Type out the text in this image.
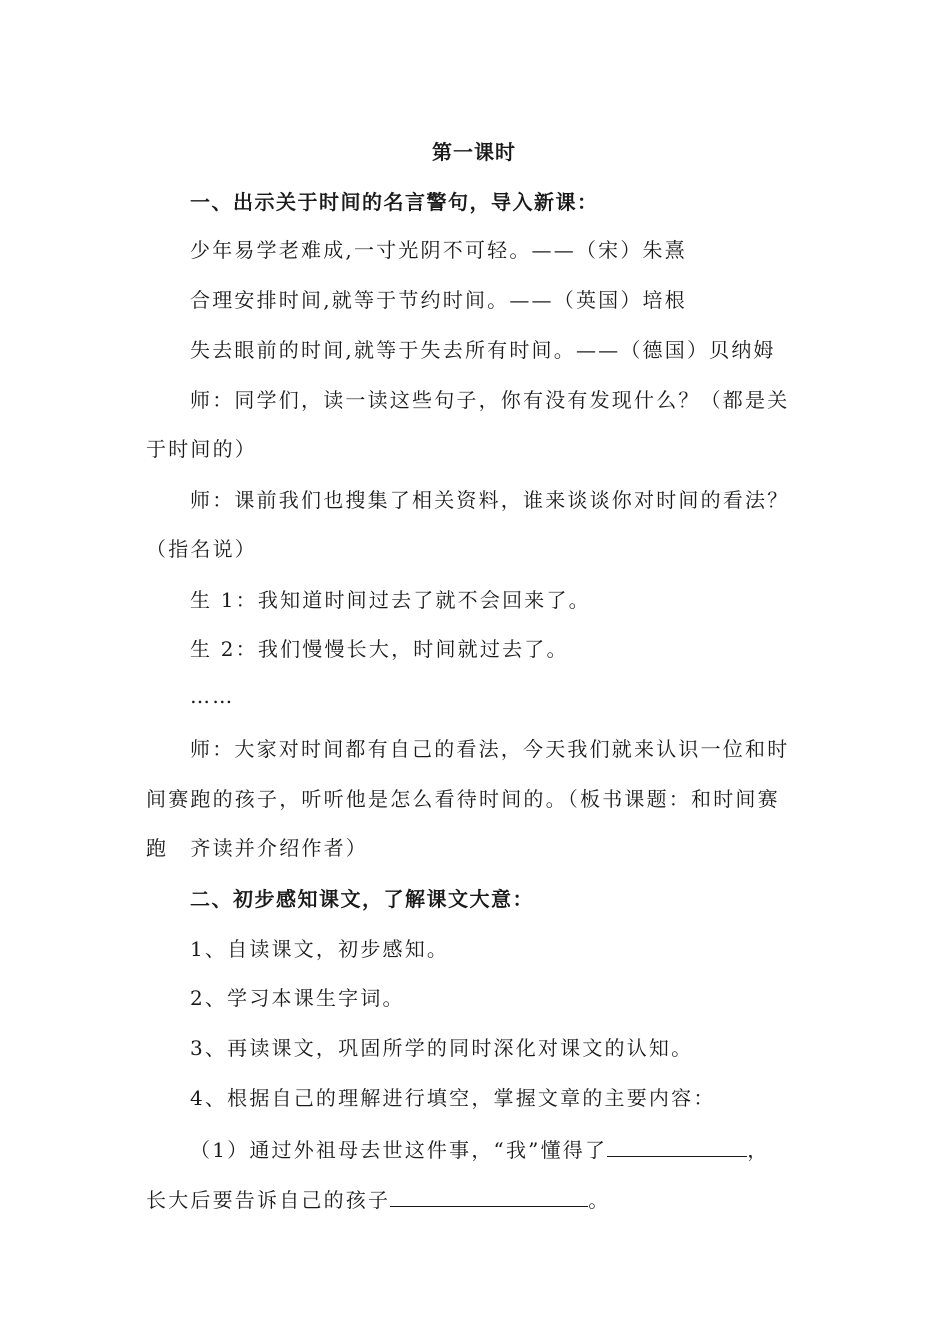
第一课时
一、出示关于时间的名言警句，导入新课：
少年易学老难成,一寸光阴不可轻。——（宋）朱熹
合理安排时间,就等于节约时间。——（英国）培根
失去眼前的时间,就等于失去所有时间。——（德国）贝纳姆
师：同学们，读一读这些句子，你有没有发现什么？（都是关
于时间的）
师：课前我们也搜集了相关资料，谁来谈谈你对时间的看法？
（指名说）
生 1：我知道时间过去了就不会回来了。
生 2：我们慢慢长大，时间就过去了。
……
师：大家对时间都有自己的看法，今天我们就来认识一位和时
间赛跑的孩子，听听他是怎么看待时间的。（板书课题：和时间赛
跑　齐读并介绍作者）
二、初步感知课文，了解课文大意：
1、自读课文，初步感知。
2、学习本课生字词。
3、再读课文，巩固所学的同时深化对课文的认知。
4、根据自己的理解进行填空，掌握文章的主要内容：
（1）通过外祖母去世这件事，“我”懂得了	，
长大后要告诉自己的孩子	。
